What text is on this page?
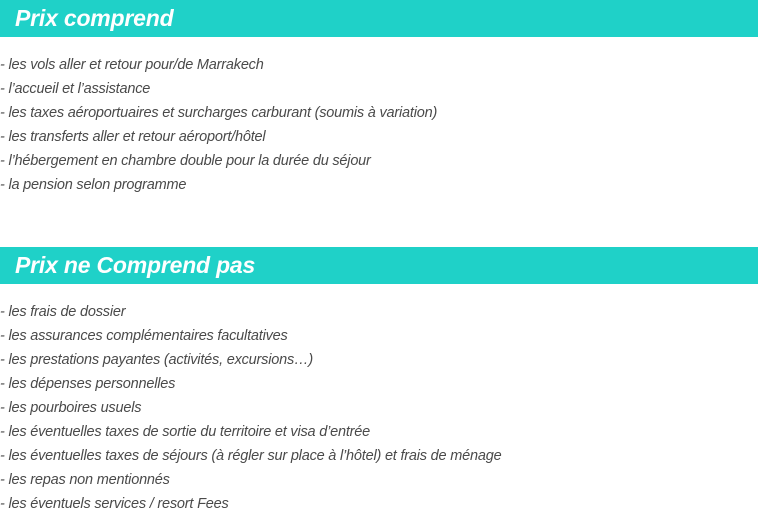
Prix comprend
- les vols aller et retour pour/de Marrakech
- l’accueil et l’assistance
- les taxes aéroportuaires et surcharges carburant (soumis à variation)
- les transferts aller et retour aéroport/hôtel
- l’hébergement en chambre double pour la durée du séjour
- la pension selon programme
Prix ne Comprend pas
- les frais de dossier
- les assurances complémentaires facultatives
- les prestations payantes (activités, excursions…)
- les dépenses personnelles
- les pourboires usuels
- les éventuelles taxes de sortie du territoire et visa d’entrée
- les éventuelles taxes de séjours (à régler sur place à l’hôtel) et frais de ménage
- les repas non mentionnés
- les éventuels services / resort Fees
